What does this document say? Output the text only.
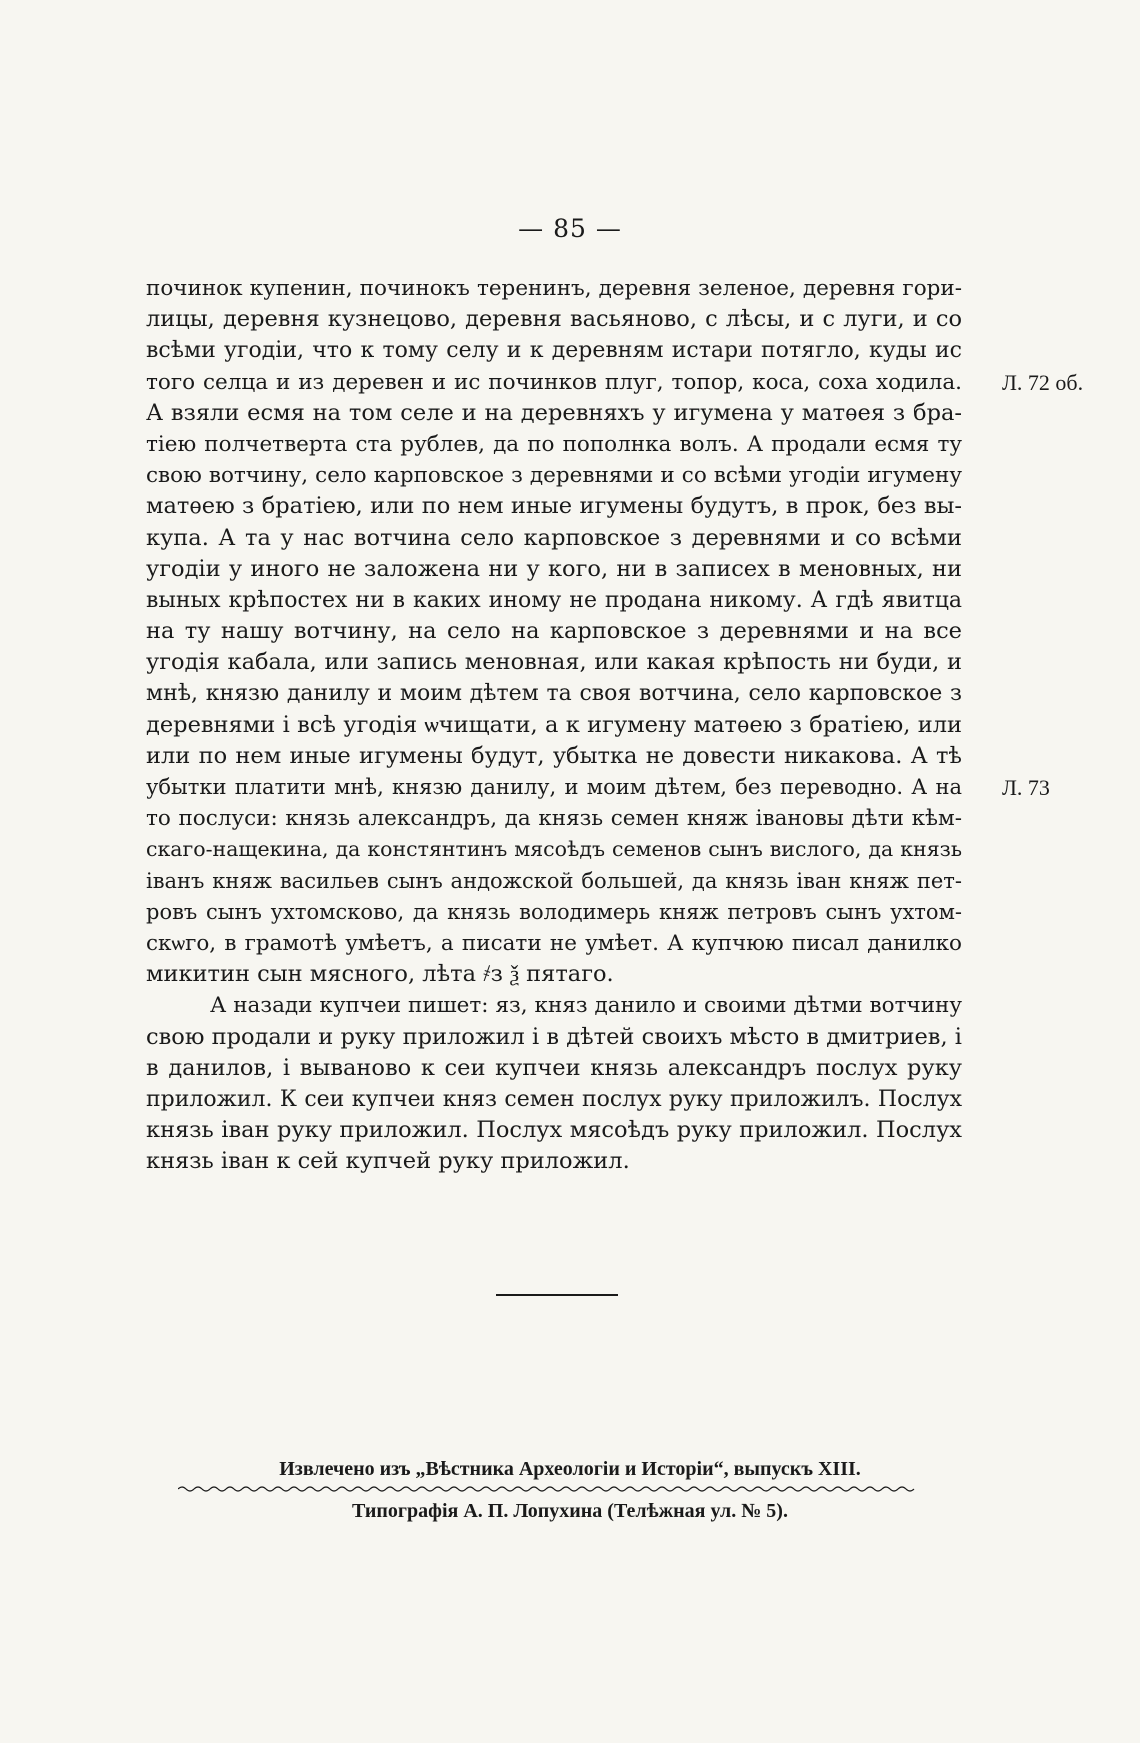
— 85 —
починок купенин, починокъ теренинъ, деревня зеленое, деревня гори-
лицы, деревня кузнецово, деревня васьяново, с лѣсы, и с луги, и со
всѣми угодіи, что к тому селу и к деревням истари потягло, куды ис
того селца и из деревен и ис починков плуг, топор, коса, соха ходила.
А взяли есмя на том селе и на деревняхъ у игумена у матѳея з бра-
тіею полчетверта ста рублев, да по пополнка волъ. А продали есмя ту
свою вотчину, село карповское з деревнями и со всѣми угодіи игумену
матѳею з братіею, или по нем иные игумены будутъ, в прок, без вы-
купа. А та у нас вотчина село карповское з деревнями и со всѣми
угодіи у иного не заложена ни у кого, ни в записех в меновных, ни
выных крѣпостех ни в каких иному не продана никому. А гдѣ явитца
на ту нашу вотчину, на село на карповское з деревнями и на все
угодія кабала, или запись меновная, или какая крѣпость ни буди, и
мнѣ, князю данилу и моим дѣтем та своя вотчина, село карповское з
деревнями і всѣ угодія ѡчищати, а к игумену матѳею з братіею, или
или по нем иные игумены будут, убытка не довести никакова. А тѣ
убытки платити мнѣ, князю данилу, и моим дѣтем, без переводно. А на
то послуси: князь александръ, да князь семен княж івановы дѣти кѣм-
скаго-нащекина, да констянтинъ мясоѣдъ семенов сынъ вислого, да князь
іванъ княж васильев сынъ андожской большей, да князь іван княж пет-
ровъ сынъ ухтомсково, да князь володимерь княж петровъ сынъ ухтом-
скѡго, в грамотѣ умѣетъ, а писати не умѣет. А купчюю писал данилко
микитин сын мясного, лѣта ҂з ѯ пятаго.
А назади купчеи пишет: яз, княз данило и своими дѣтми вотчину
свою продали и руку приложил і в дѣтей своихъ мѣсто в дмитриев, і
в данилов, і вываново к сеи купчеи князь александръ послух руку
приложил. К сеи купчеи княз семен послух руку приложилъ. Послух
князь іван руку приложил. Послух мясоѣдъ руку приложил. Послух
князь іван к сей купчей руку приложил.
Л. 72 об.
Л. 73
Извлечено изъ „Вѣстника Археологіи и Исторіи“, выпускъ XIII.
Типографія А. П. Лопухина (Телѣжная ул. № 5).
